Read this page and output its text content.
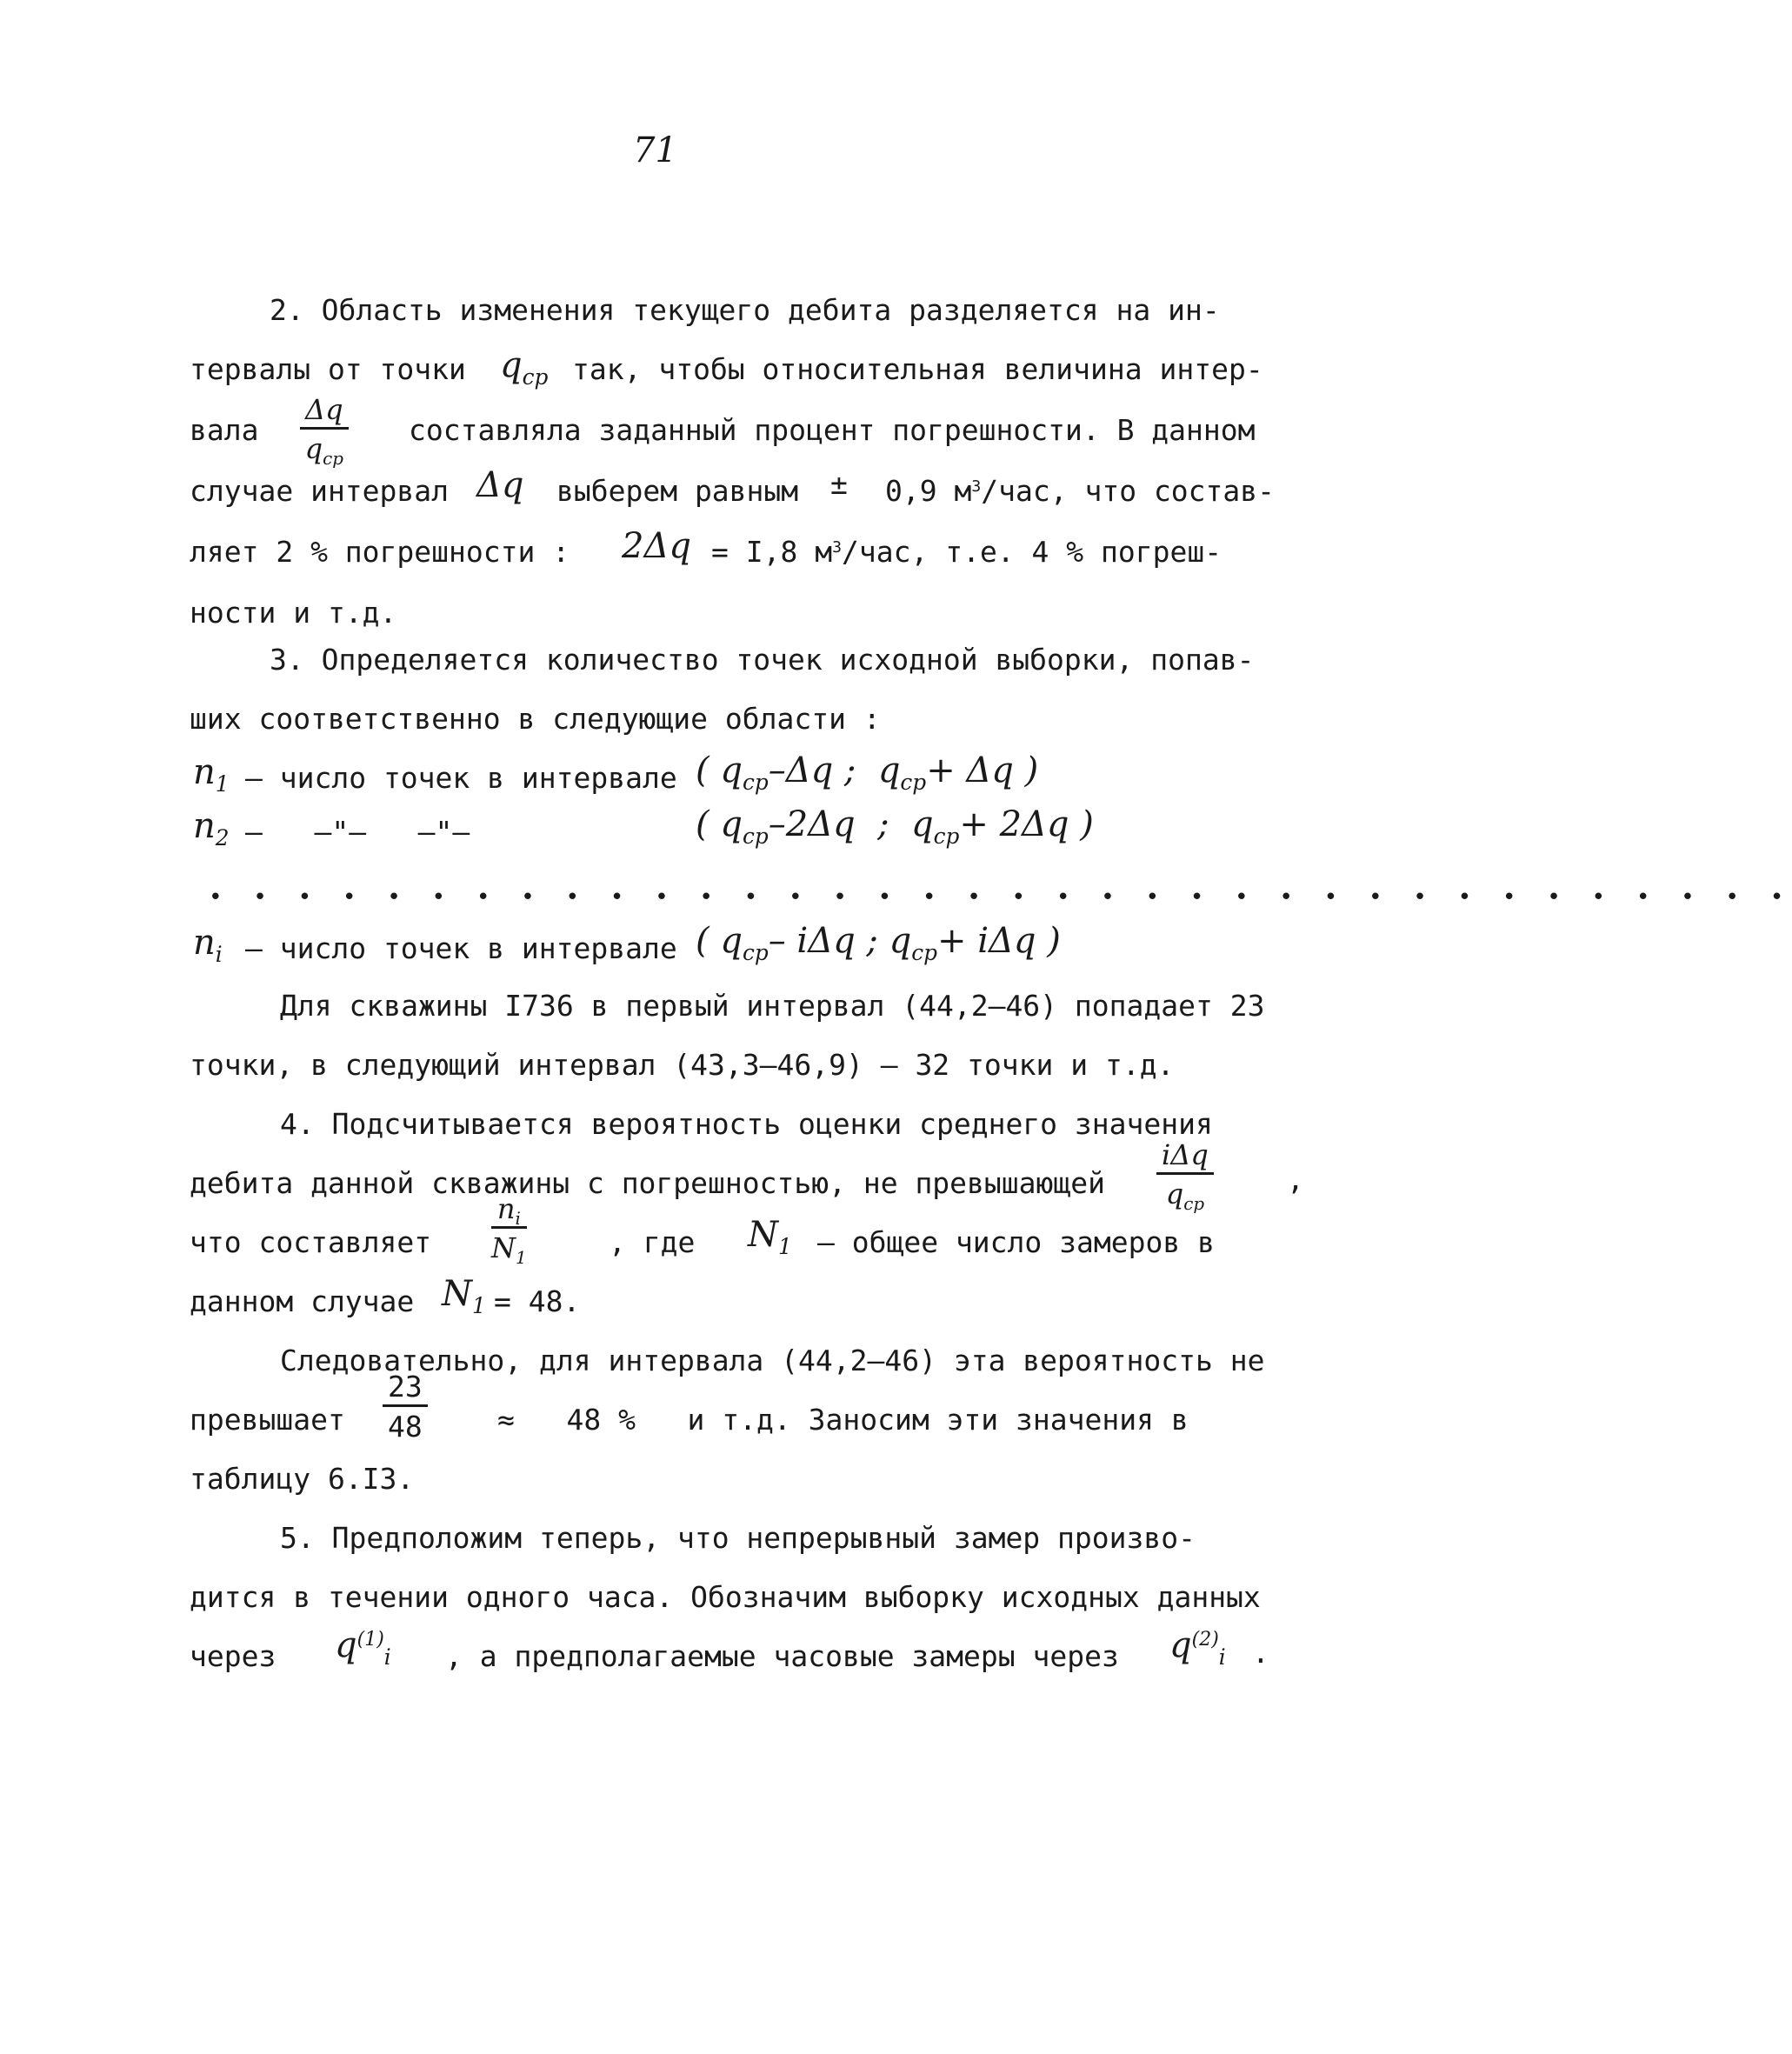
71
2. Область изменения текущего дебита разделяется на ин-
тервалы от точки $q_{cp}$ так, чтобы относительная величина интер-
вала
Δq
$q_{cp}$
составляла заданный процент погрешности. В данном
случае интервал Δq выберем равным ± 0,9 $м^3$/час, что состав-
ляет 2 % погрешности : 2Δq = I,8 $м^3$/час, т.е. 4 % погреш-
ности и т.д.
3. Определяется количество точек исходной выборки, попав-
ших соответственно в следующие области :
$n_1$ – число точек в интервале ( $q_{cp}-\Delta q$ ;  $q_{cp}+ \Delta q$ )
$n_2$ –   –"–   –"–	( $q_{cp}-2\Delta q$  ;  $q_{cp}+ 2\Delta q$ )
• • • • • • • • • • • • • • • • • • • • • • • • • • • • • • • • • • • •
$n_i$ – число точек в интервале ( $q_{cp}-$ iΔq ; $q_{cp}+ i\Delta q$ )
Для скважины I736 в первый интервал (44,2–46) попадает 23
точки, в следующий интервал (43,3–46,9) – 32 точки и т.д.
4. Подсчитывается вероятность оценки среднего значения
дебита данной скважины с погрешностью, не превышающей
iΔq
$q_{cp}$
,
что составляет
$n_i$
$N_1$	, где $N_1$ – общее число замеров в
данном случае $N_1 = 48$.
Следовательно, для интервала (44,2–46) эта вероятность не
превышает
23
48	≈   48 %   и т.д. Заносим эти значения в
таблицу 6.I3.
5. Предположим теперь, что непрерывный замер произво-
дится в течении одного часа. Обозначим выборку исходных данных
через $q^{(1)}_i$ , а предполагаемые часовые замеры через $q^{(2)}_i$ .
